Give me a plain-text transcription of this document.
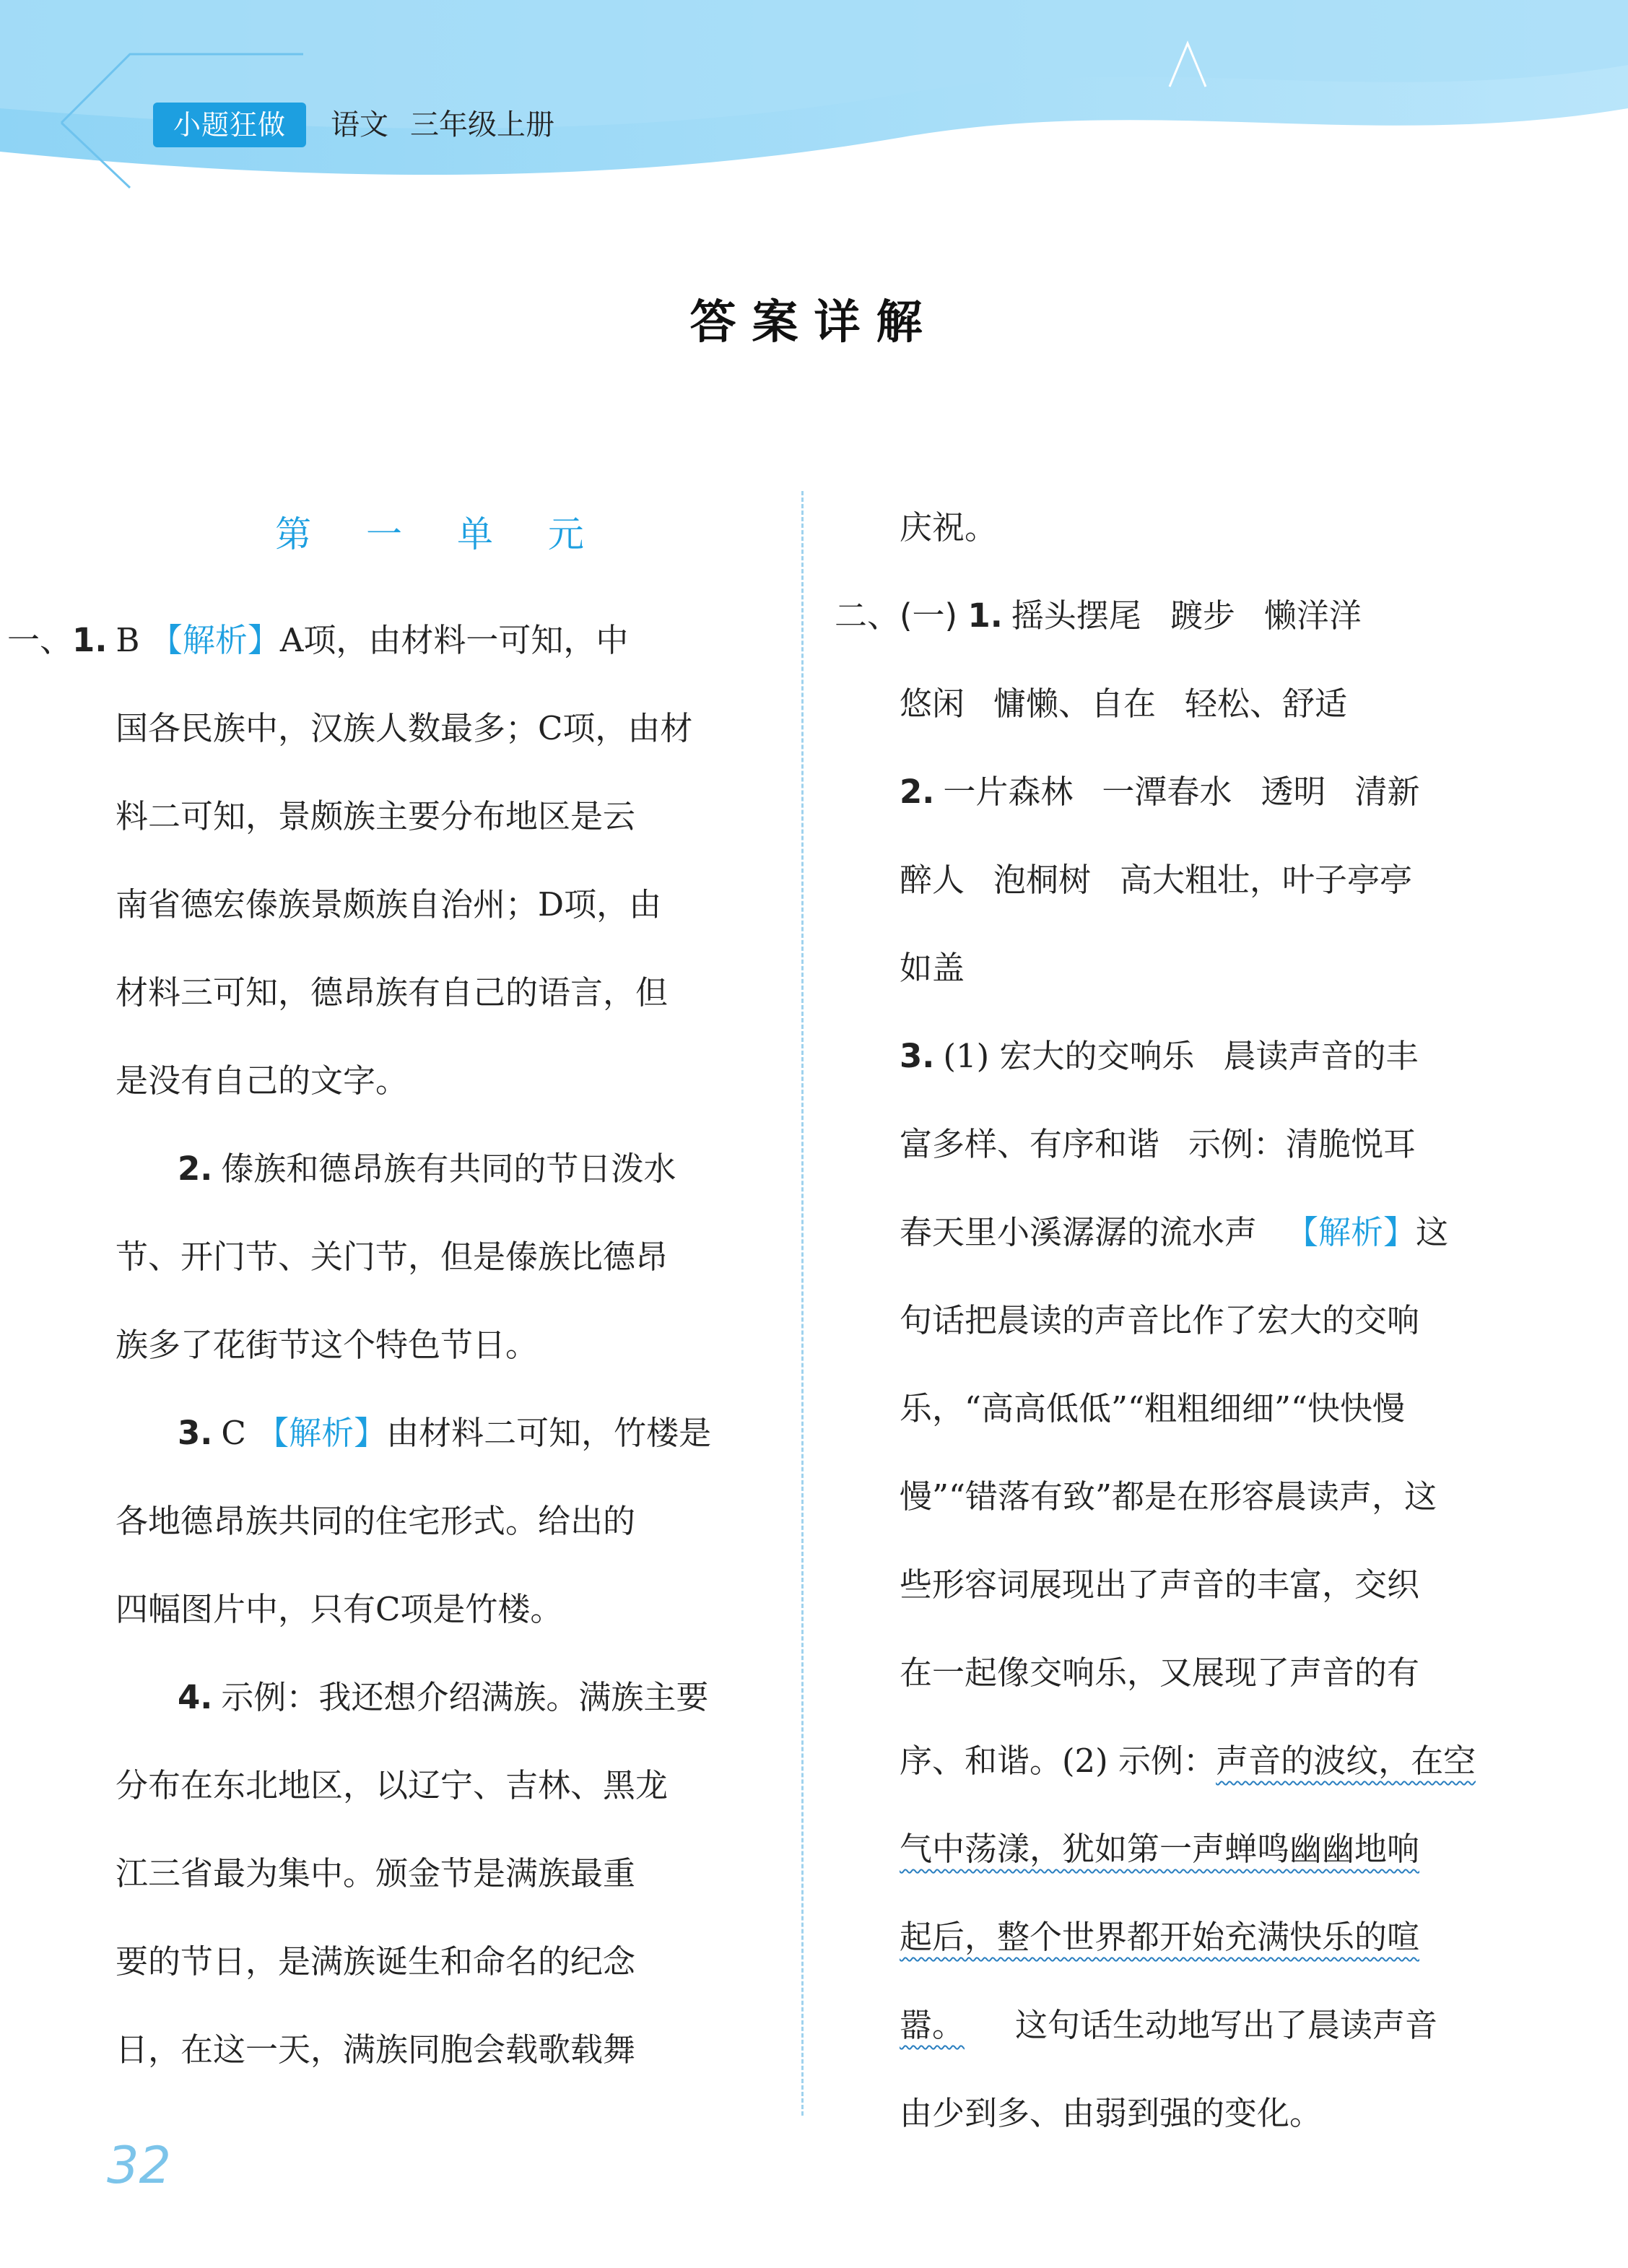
小题狂做	语文 三年级上册
答案详解
第 一 单 元
一、1. B 【解析】A项，由材料一可知，中
国各民族中，汉族人数最多；C项，由材
料二可知，景颇族主要分布地区是云
南省德宏傣族景颇族自治州；D项，由
材料三可知，德昂族有自己的语言，但
是没有自己的文字。
2. 傣族和德昂族有共同的节日泼水
节、开门节、关门节，但是傣族比德昂
族多了花街节这个特色节日。
3. C 【解析】由材料二可知，竹楼是
各地德昂族共同的住宅形式。给出的
四幅图片中，只有C项是竹楼。
4. 示例：我还想介绍满族。满族主要
分布在东北地区，以辽宁、吉林、黑龙
江三省最为集中。颁金节是满族最重
要的节日，是满族诞生和命名的纪念
日，在这一天，满族同胞会载歌载舞
庆祝。
二、(一) 1. 摇头摆尾 踱步 懒洋洋
悠闲 慵懒、自在 轻松、舒适
2. 一片森林 一潭春水 透明 清新
醉人 泡桐树 高大粗壮，叶子亭亭
如盖
3. (1) 宏大的交响乐 晨读声音的丰
富多样、有序和谐 示例：清脆悦耳
春天里小溪潺潺的流水声 【解析】这
句话把晨读的声音比作了宏大的交响
乐，“高高低低”“粗粗细细”“快快慢
慢”“错落有致”都是在形容晨读声，这
些形容词展现出了声音的丰富，交织
在一起像交响乐，又展现了声音的有
序、和谐。(2) 示例：声音的波纹，在空
气中荡漾，犹如第一声蝉鸣幽幽地响
起后，整个世界都开始充满快乐的喧
嚣。 这句话生动地写出了晨读声音
由少到多、由弱到强的变化。
32
